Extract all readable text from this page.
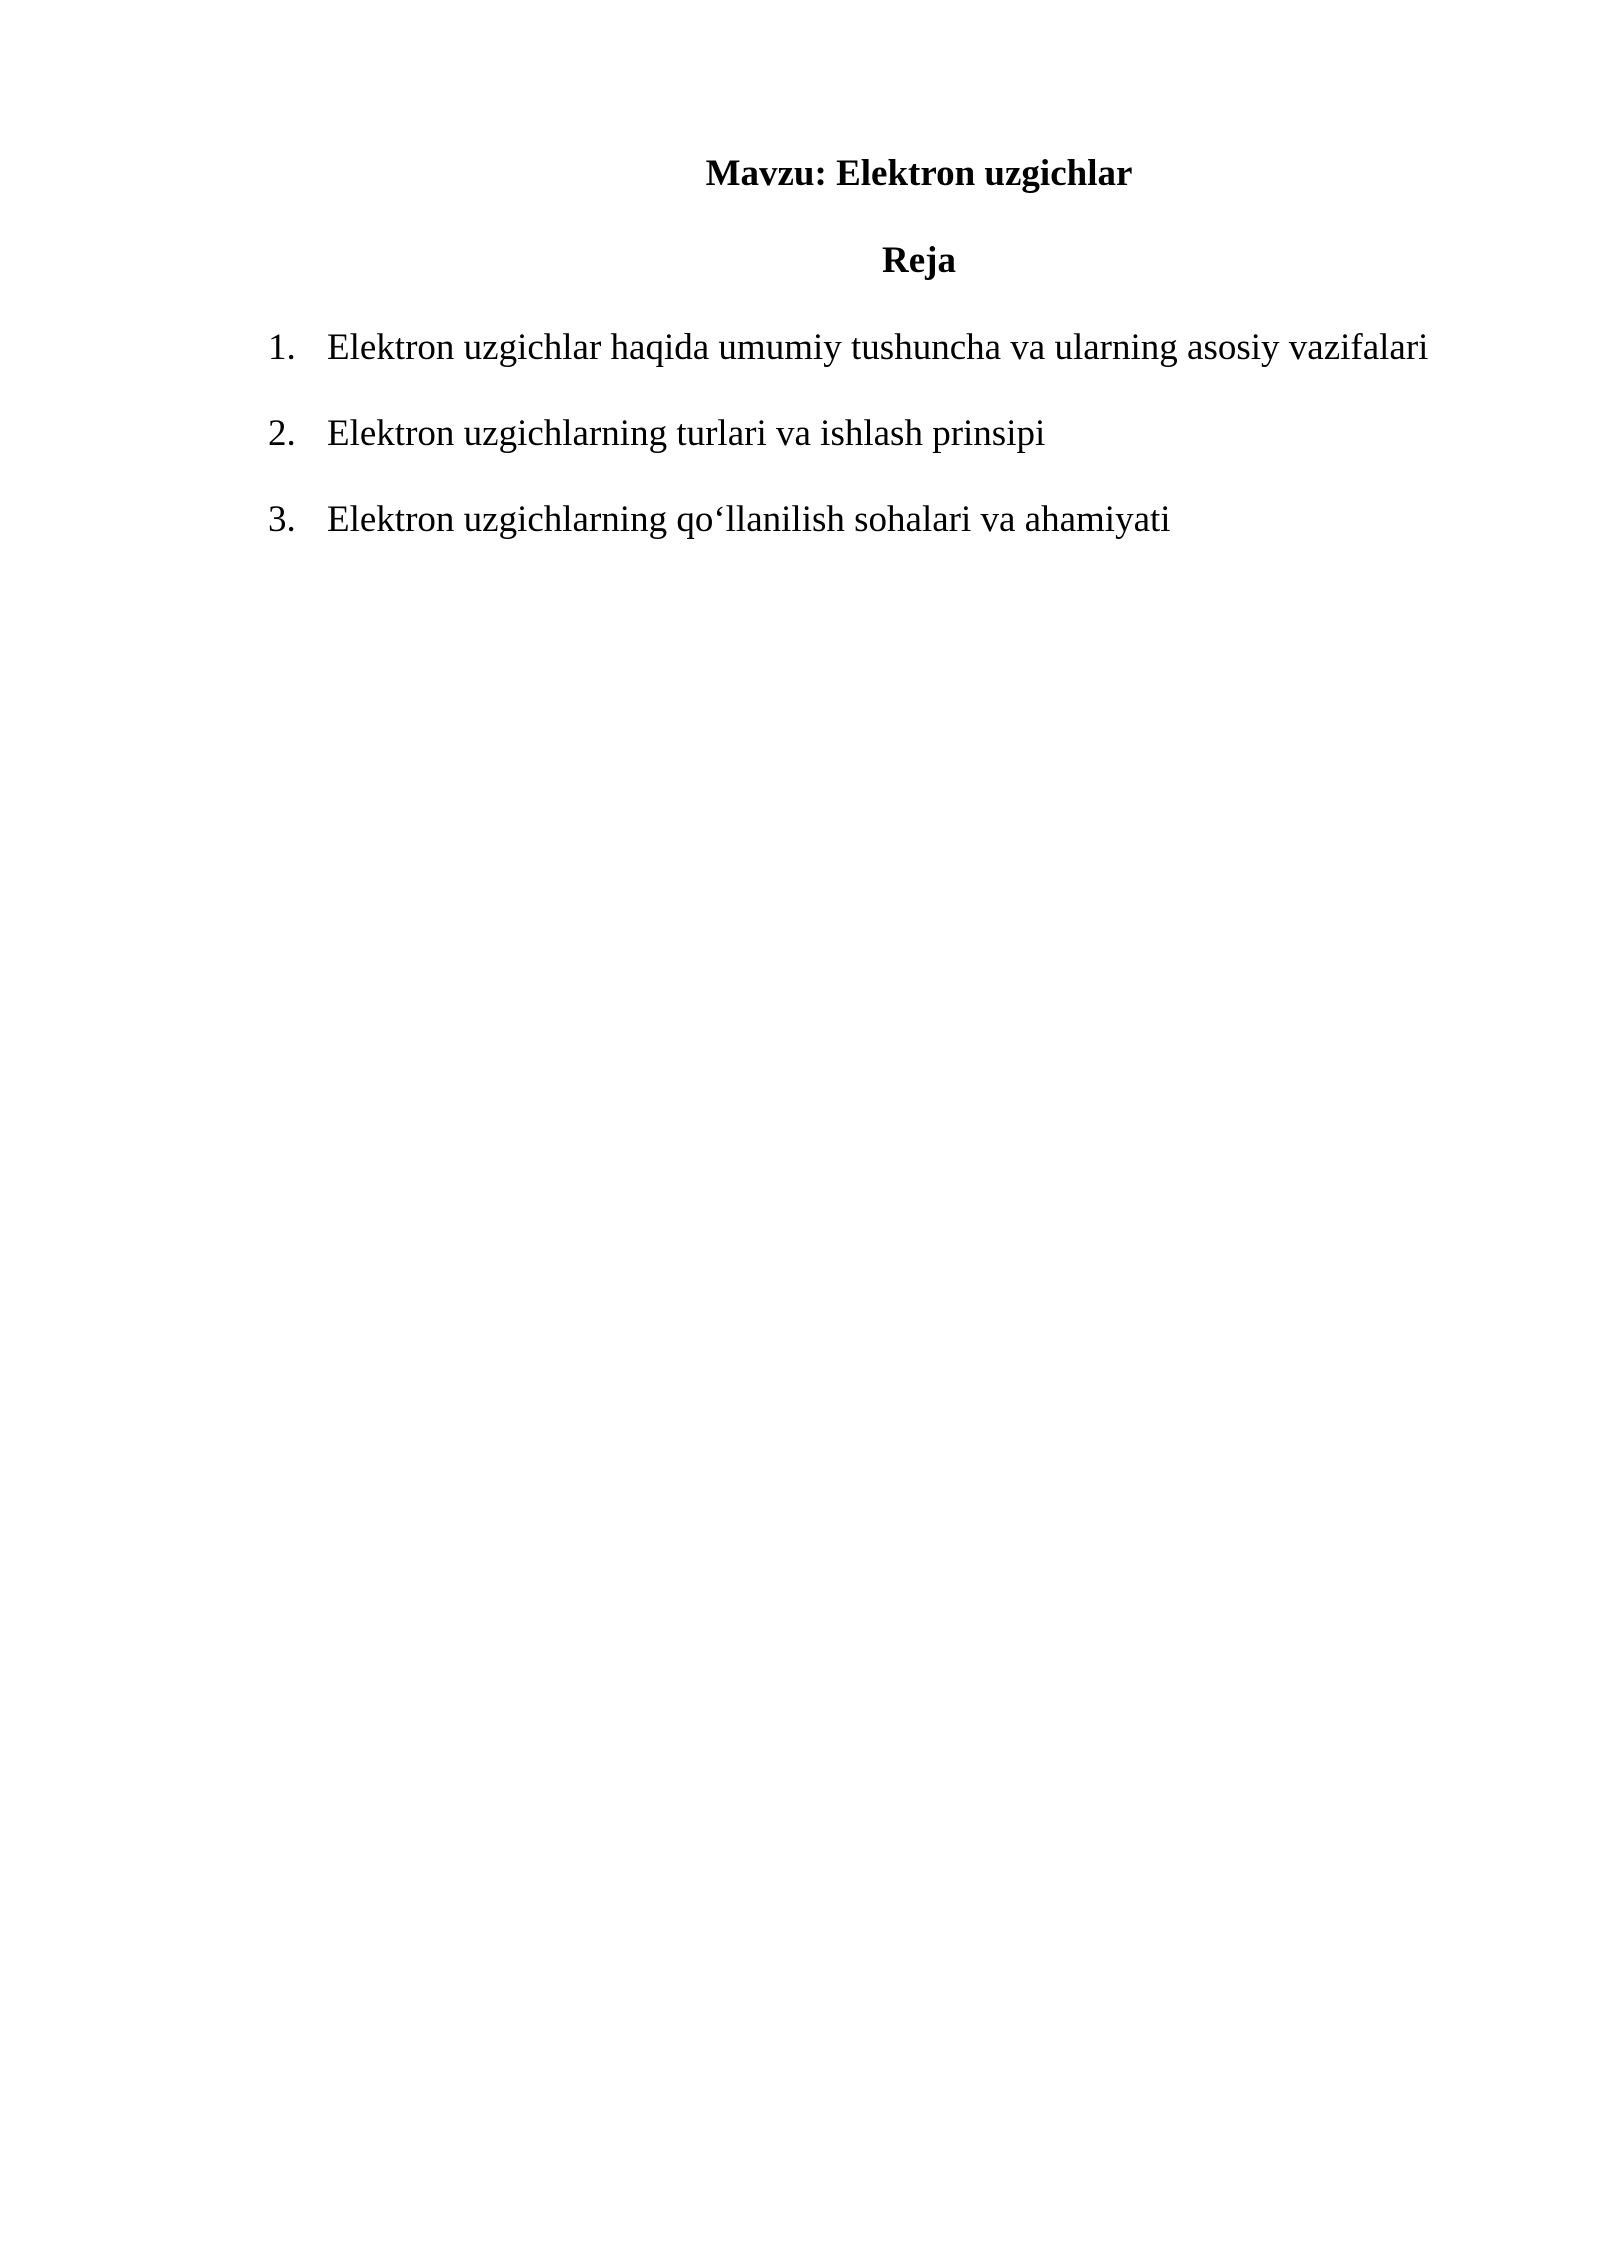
Mavzu: Elektron uzgichlar
Reja
1. Elektron uzgichlar haqida umumiy tushuncha va ularning asosiy vazifalari
2. Elektron uzgichlarning turlari va ishlash prinsipi
3. Elektron uzgichlarning qo‘llanilish sohalari va ahamiyati
